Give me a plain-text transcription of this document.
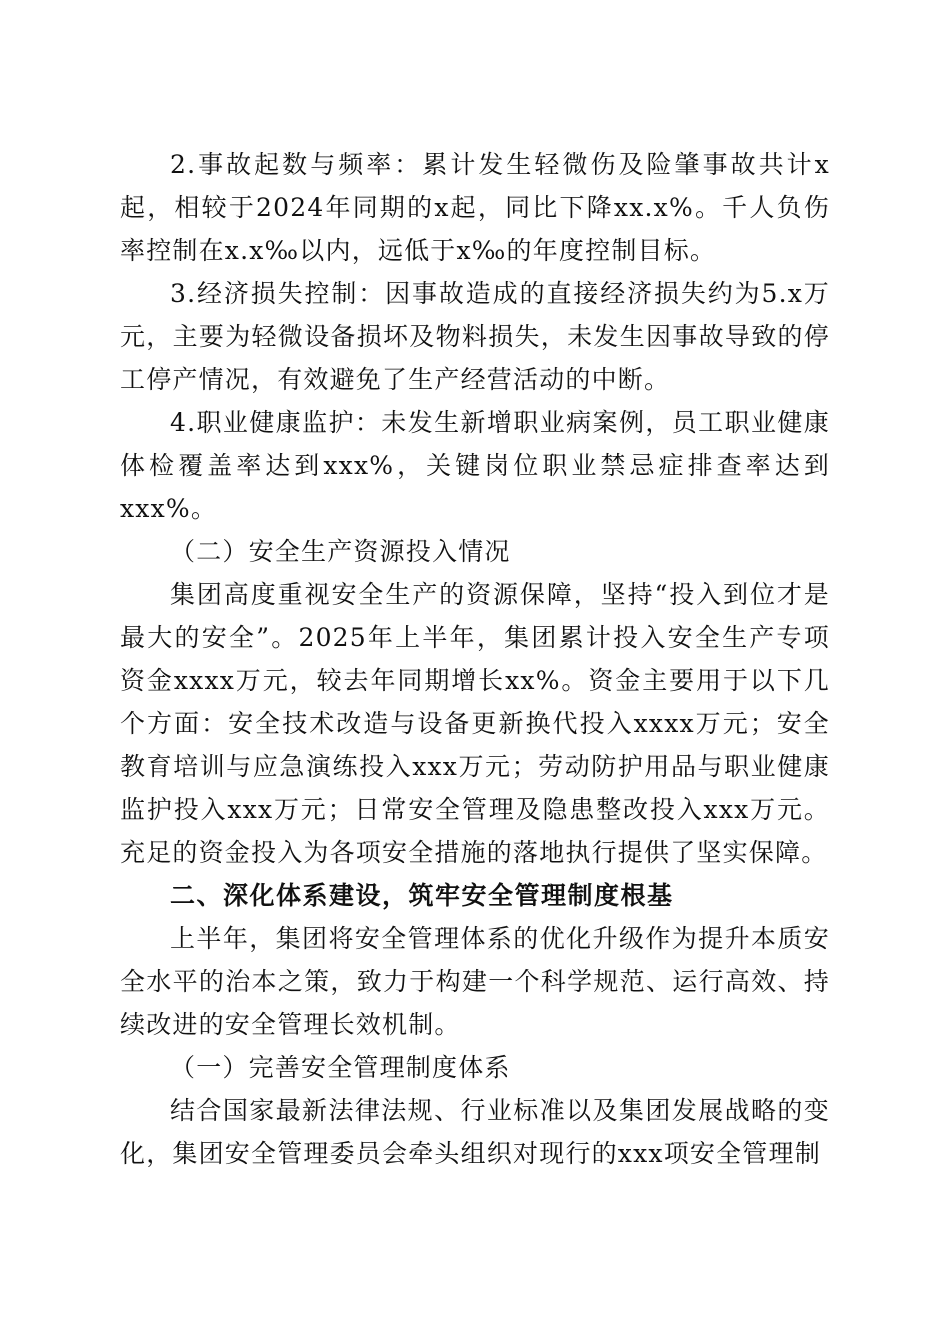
2.事故起数与频率：累计发生轻微伤及险肇事故共计x起，相较于2024年同期的x起，同比下降xx.x%。千人负伤率控制在x.x‰以内，远低于x‰的年度控制目标。

3.经济损失控制：因事故造成的直接经济损失约为5.x万元，主要为轻微设备损坏及物料损失，未发生因事故导致的停工停产情况，有效避免了生产经营活动的中断。

4.职业健康监护：未发生新增职业病案例，员工职业健康体检覆盖率达到xxx%，关键岗位职业禁忌症排查率达到xxx%。

（二）安全生产资源投入情况

集团高度重视安全生产的资源保障，坚持“投入到位才是最大的安全”。2025年上半年，集团累计投入安全生产专项资金xxxx万元，较去年同期增长xx%。资金主要用于以下几个方面：安全技术改造与设备更新换代投入xxxx万元；安全教育培训与应急演练投入xxx万元；劳动防护用品与职业健康监护投入xxx万元；日常安全管理及隐患整改投入xxx万元。充足的资金投入为各项安全措施的落地执行提供了坚实保障。

二、深化体系建设，筑牢安全管理制度根基

上半年，集团将安全管理体系的优化升级作为提升本质安全水平的治本之策，致力于构建一个科学规范、运行高效、持续改进的安全管理长效机制。

（一）完善安全管理制度体系

结合国家最新法律法规、行业标准以及集团发展战略的变化，集团安全管理委员会牵头组织对现行的xxx项安全管理制
